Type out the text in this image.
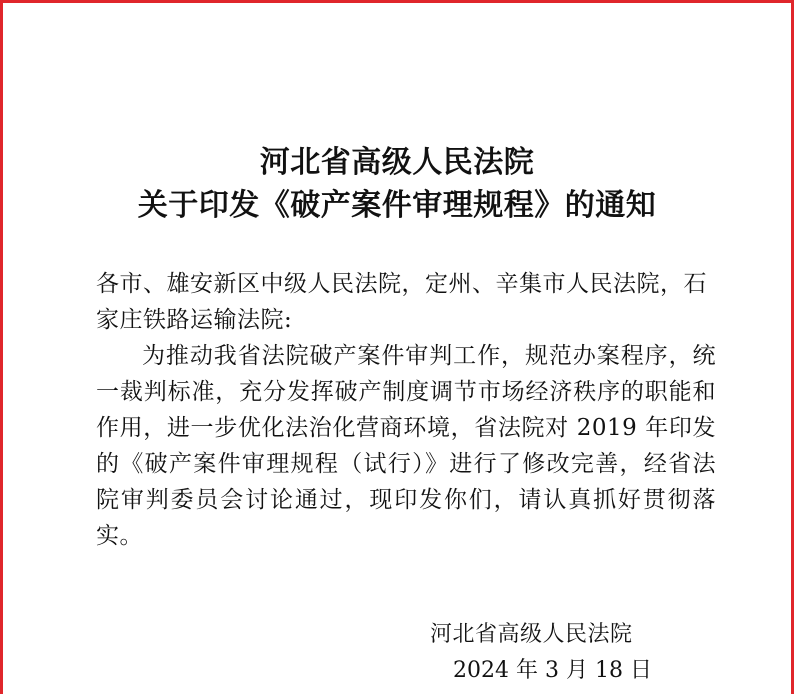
河北省高级人民法院
关于印发《破产案件审理规程》的通知
各市、雄安新区中级人民法院，定州、辛集市人民法院，石家庄铁路运输法院:
为推动我省法院破产案件审判工作，规范办案程序，统一裁判标准，充分发挥破产制度调节市场经济秩序的职能和作用，进一步优化法治化营商环境，省法院对 2019 年印发的《破产案件审理规程（试行）》进行了修改完善，经省法院审判委员会讨论通过，现印发你们，请认真抓好贯彻落实。
河北省高级人民法院
2024 年 3 月 18 日
